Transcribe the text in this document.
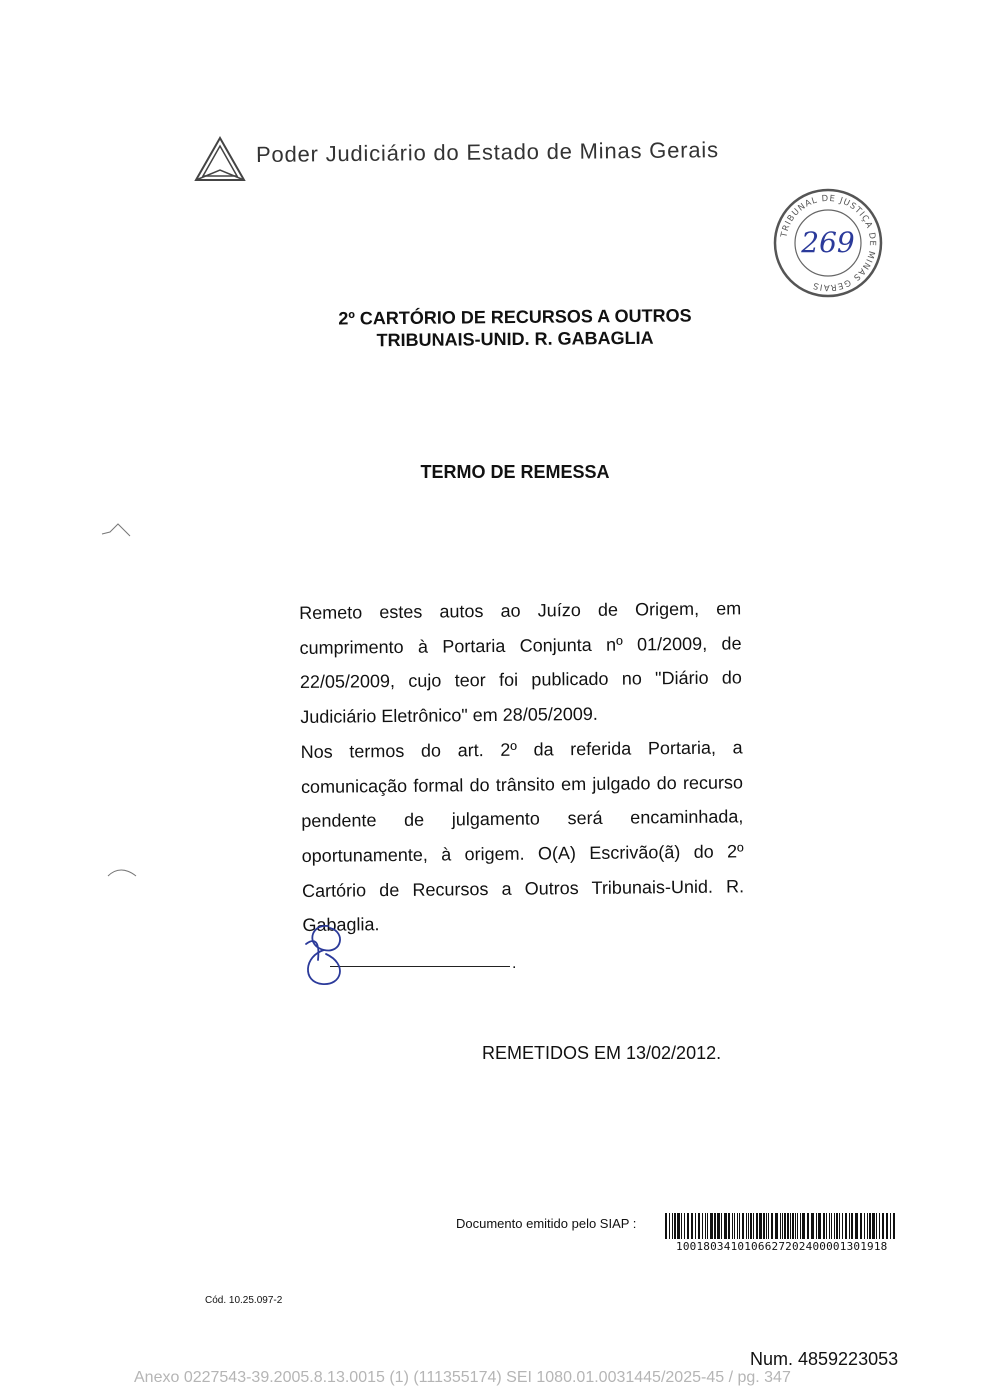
Poder Judiciário do Estado de Minas Gerais
TRIBUNAL DE JUSTIÇA DE MINAS GERAIS
269
2º CARTÓRIO DE RECURSOS A OUTROS
TRIBUNAIS-UNID. R. GABAGLIA
TERMO DE REMESSA

Remeto estes autos ao Juízo de Origem, em cumprimento à Portaria Conjunta nº 01/2009, de 22/05/2009, cujo teor foi publicado no "Diário do Judiciário Eletrônico" em 28/05/2009.

Nos termos do art. 2º da referida Portaria, a comunicação formal do trânsito em julgado do recurso pendente de julgamento será encaminhada, oportunamente, à origem. O(A) Escrivão(ã) do 2º Cartório de Recursos a Outros Tribunais-Unid. R. Gabaglia.

.
REMETIDOS EM 13/02/2012.
Documento emitido pelo SIAP :
1001803410106627202400001301918
Cód. 10.25.097-2
Num. 4859223053
Anexo 0227543-39.2005.8.13.0015 (1) (111355174) SEI 1080.01.0031445/2025-45 / pg. 347
